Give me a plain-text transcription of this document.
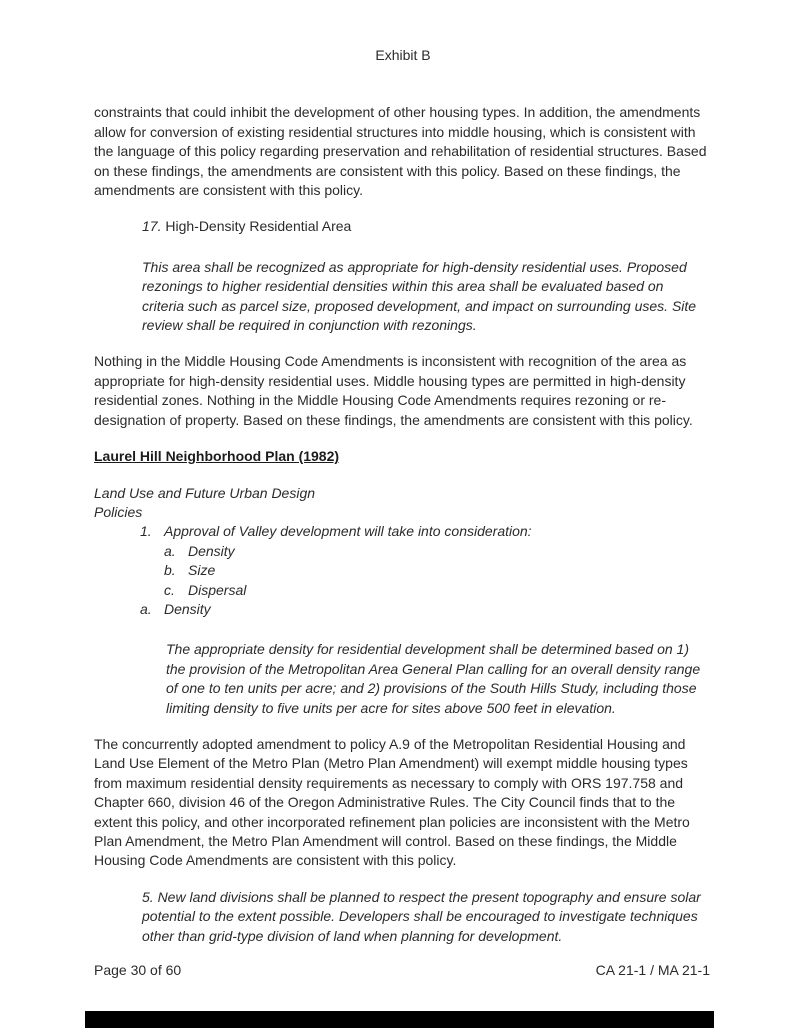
Exhibit B

constraints that could inhibit the development of other housing types. In addition, the amendments allow for conversion of existing residential structures into middle housing, which is consistent with the language of this policy regarding preservation and rehabilitation of residential structures. Based on these findings, the amendments are consistent with this policy. Based on these findings, the amendments are consistent with this policy.

17. High-Density Residential Area

This area shall be recognized as appropriate for high-density residential uses. Proposed rezonings to higher residential densities within this area shall be evaluated based on criteria such as parcel size, proposed development, and impact on surrounding uses. Site review shall be required in conjunction with rezonings.

Nothing in the Middle Housing Code Amendments is inconsistent with recognition of the area as appropriate for high-density residential uses. Middle housing types are permitted in high-density residential zones. Nothing in the Middle Housing Code Amendments requires rezoning or re-designation of property. Based on these findings, the amendments are consistent with this policy.

Laurel Hill Neighborhood Plan (1982)
Land Use and Future Urban Design
Policies
1. Approval of Valley development will take into consideration:
a. Density
b. Size
c. Dispersal
a. Density

The appropriate density for residential development shall be determined based on 1) the provision of the Metropolitan Area General Plan calling for an overall density range of one to ten units per acre; and 2) provisions of the South Hills Study, including those limiting density to five units per acre for sites above 500 feet in elevation.

The concurrently adopted amendment to policy A.9 of the Metropolitan Residential Housing and Land Use Element of the Metro Plan (Metro Plan Amendment) will exempt middle housing types from maximum residential density requirements as necessary to comply with ORS 197.758 and Chapter 660, division 46 of the Oregon Administrative Rules. The City Council finds that to the extent this policy, and other incorporated refinement plan policies are inconsistent with the Metro Plan Amendment, the Metro Plan Amendment will control. Based on these findings, the Middle Housing Code Amendments are consistent with this policy.

5. New land divisions shall be planned to respect the present topography and ensure solar potential to the extent possible. Developers shall be encouraged to investigate techniques other than grid-type division of land when planning for development.

Page 30 of 60	CA 21-1 / MA 21-1
